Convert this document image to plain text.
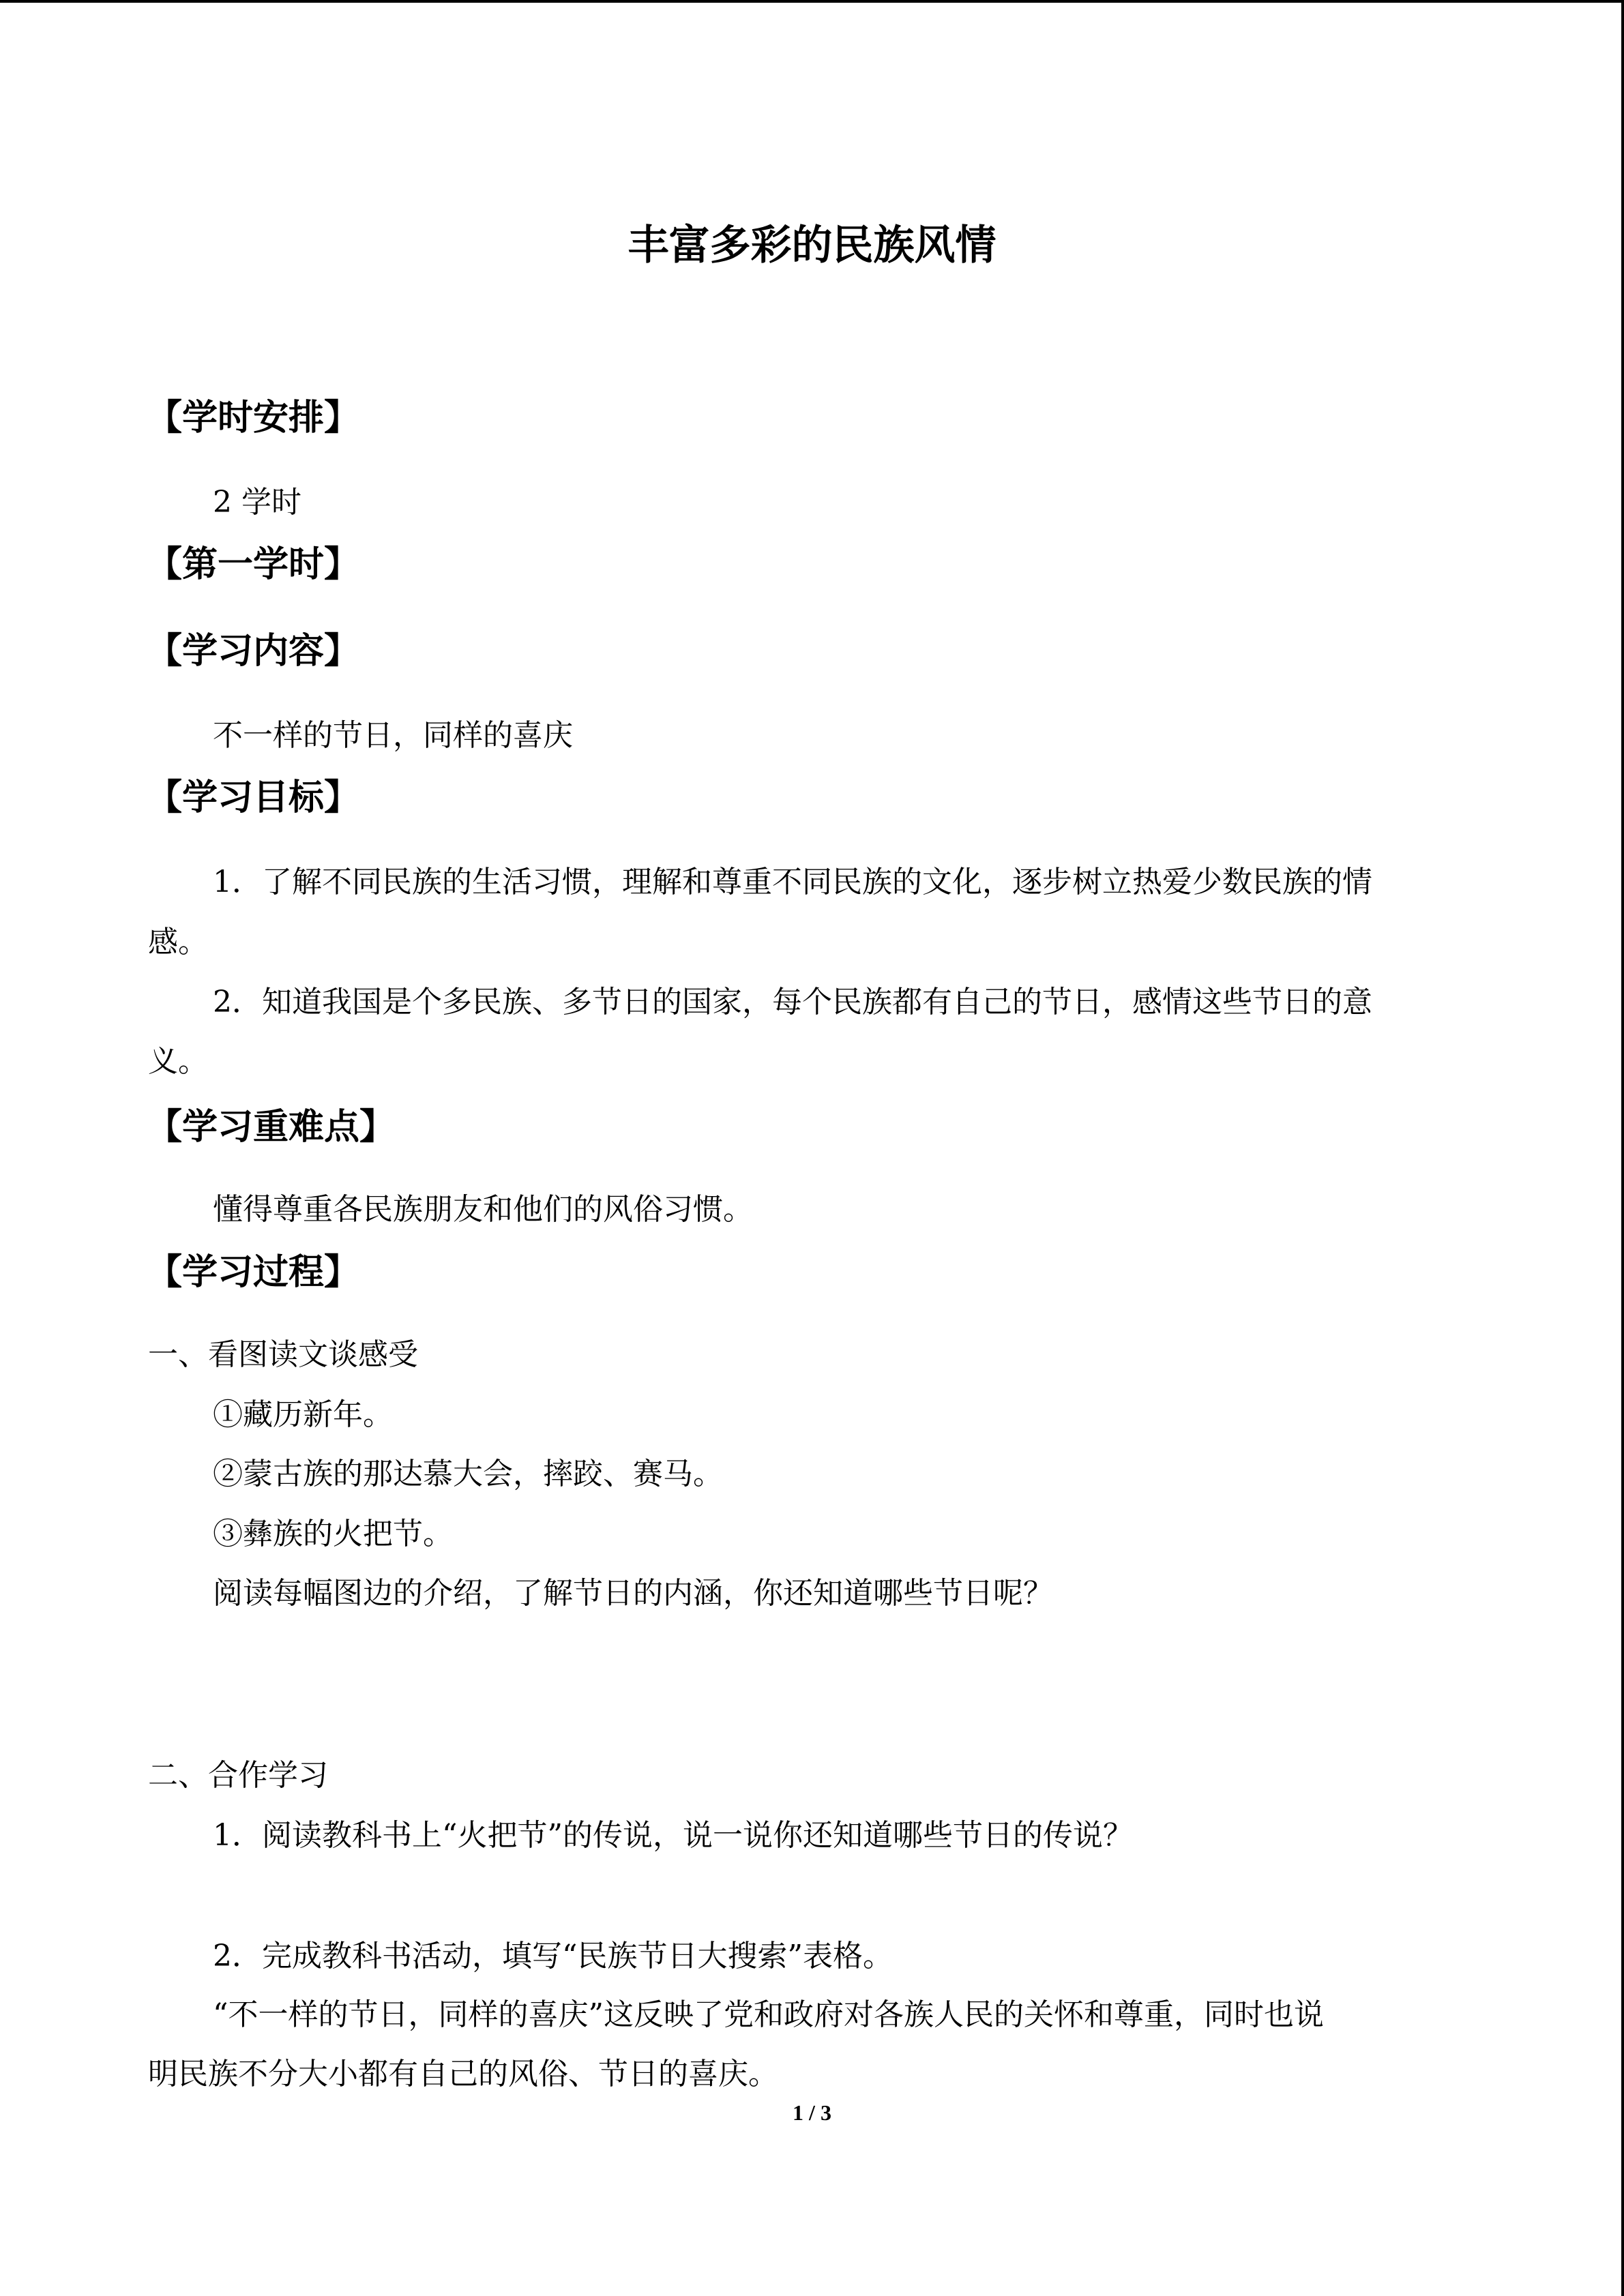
丰富多彩的民族风情
【学时安排】
2 学时
【第一学时】
【学习内容】
不一样的节日，同样的喜庆
【学习目标】
1．了解不同民族的生活习惯，理解和尊重不同民族的文化，逐步树立热爱少数民族的情
感。
2．知道我国是个多民族、多节日的国家，每个民族都有自己的节日，感情这些节日的意
义。
【学习重难点】
懂得尊重各民族朋友和他们的风俗习惯。
【学习过程】
一、看图读文谈感受
①藏历新年。
②蒙古族的那达慕大会，摔跤、赛马。
③彝族的火把节。
阅读每幅图边的介绍，了解节日的内涵，你还知道哪些节日呢？
二、合作学习
1．阅读教科书上“火把节”的传说，说一说你还知道哪些节日的传说？
2．完成教科书活动，填写“民族节日大搜索”表格。
“不一样的节日，同样的喜庆”这反映了党和政府对各族人民的关怀和尊重，同时也说
明民族不分大小都有自己的风俗、节日的喜庆。
1 / 3
